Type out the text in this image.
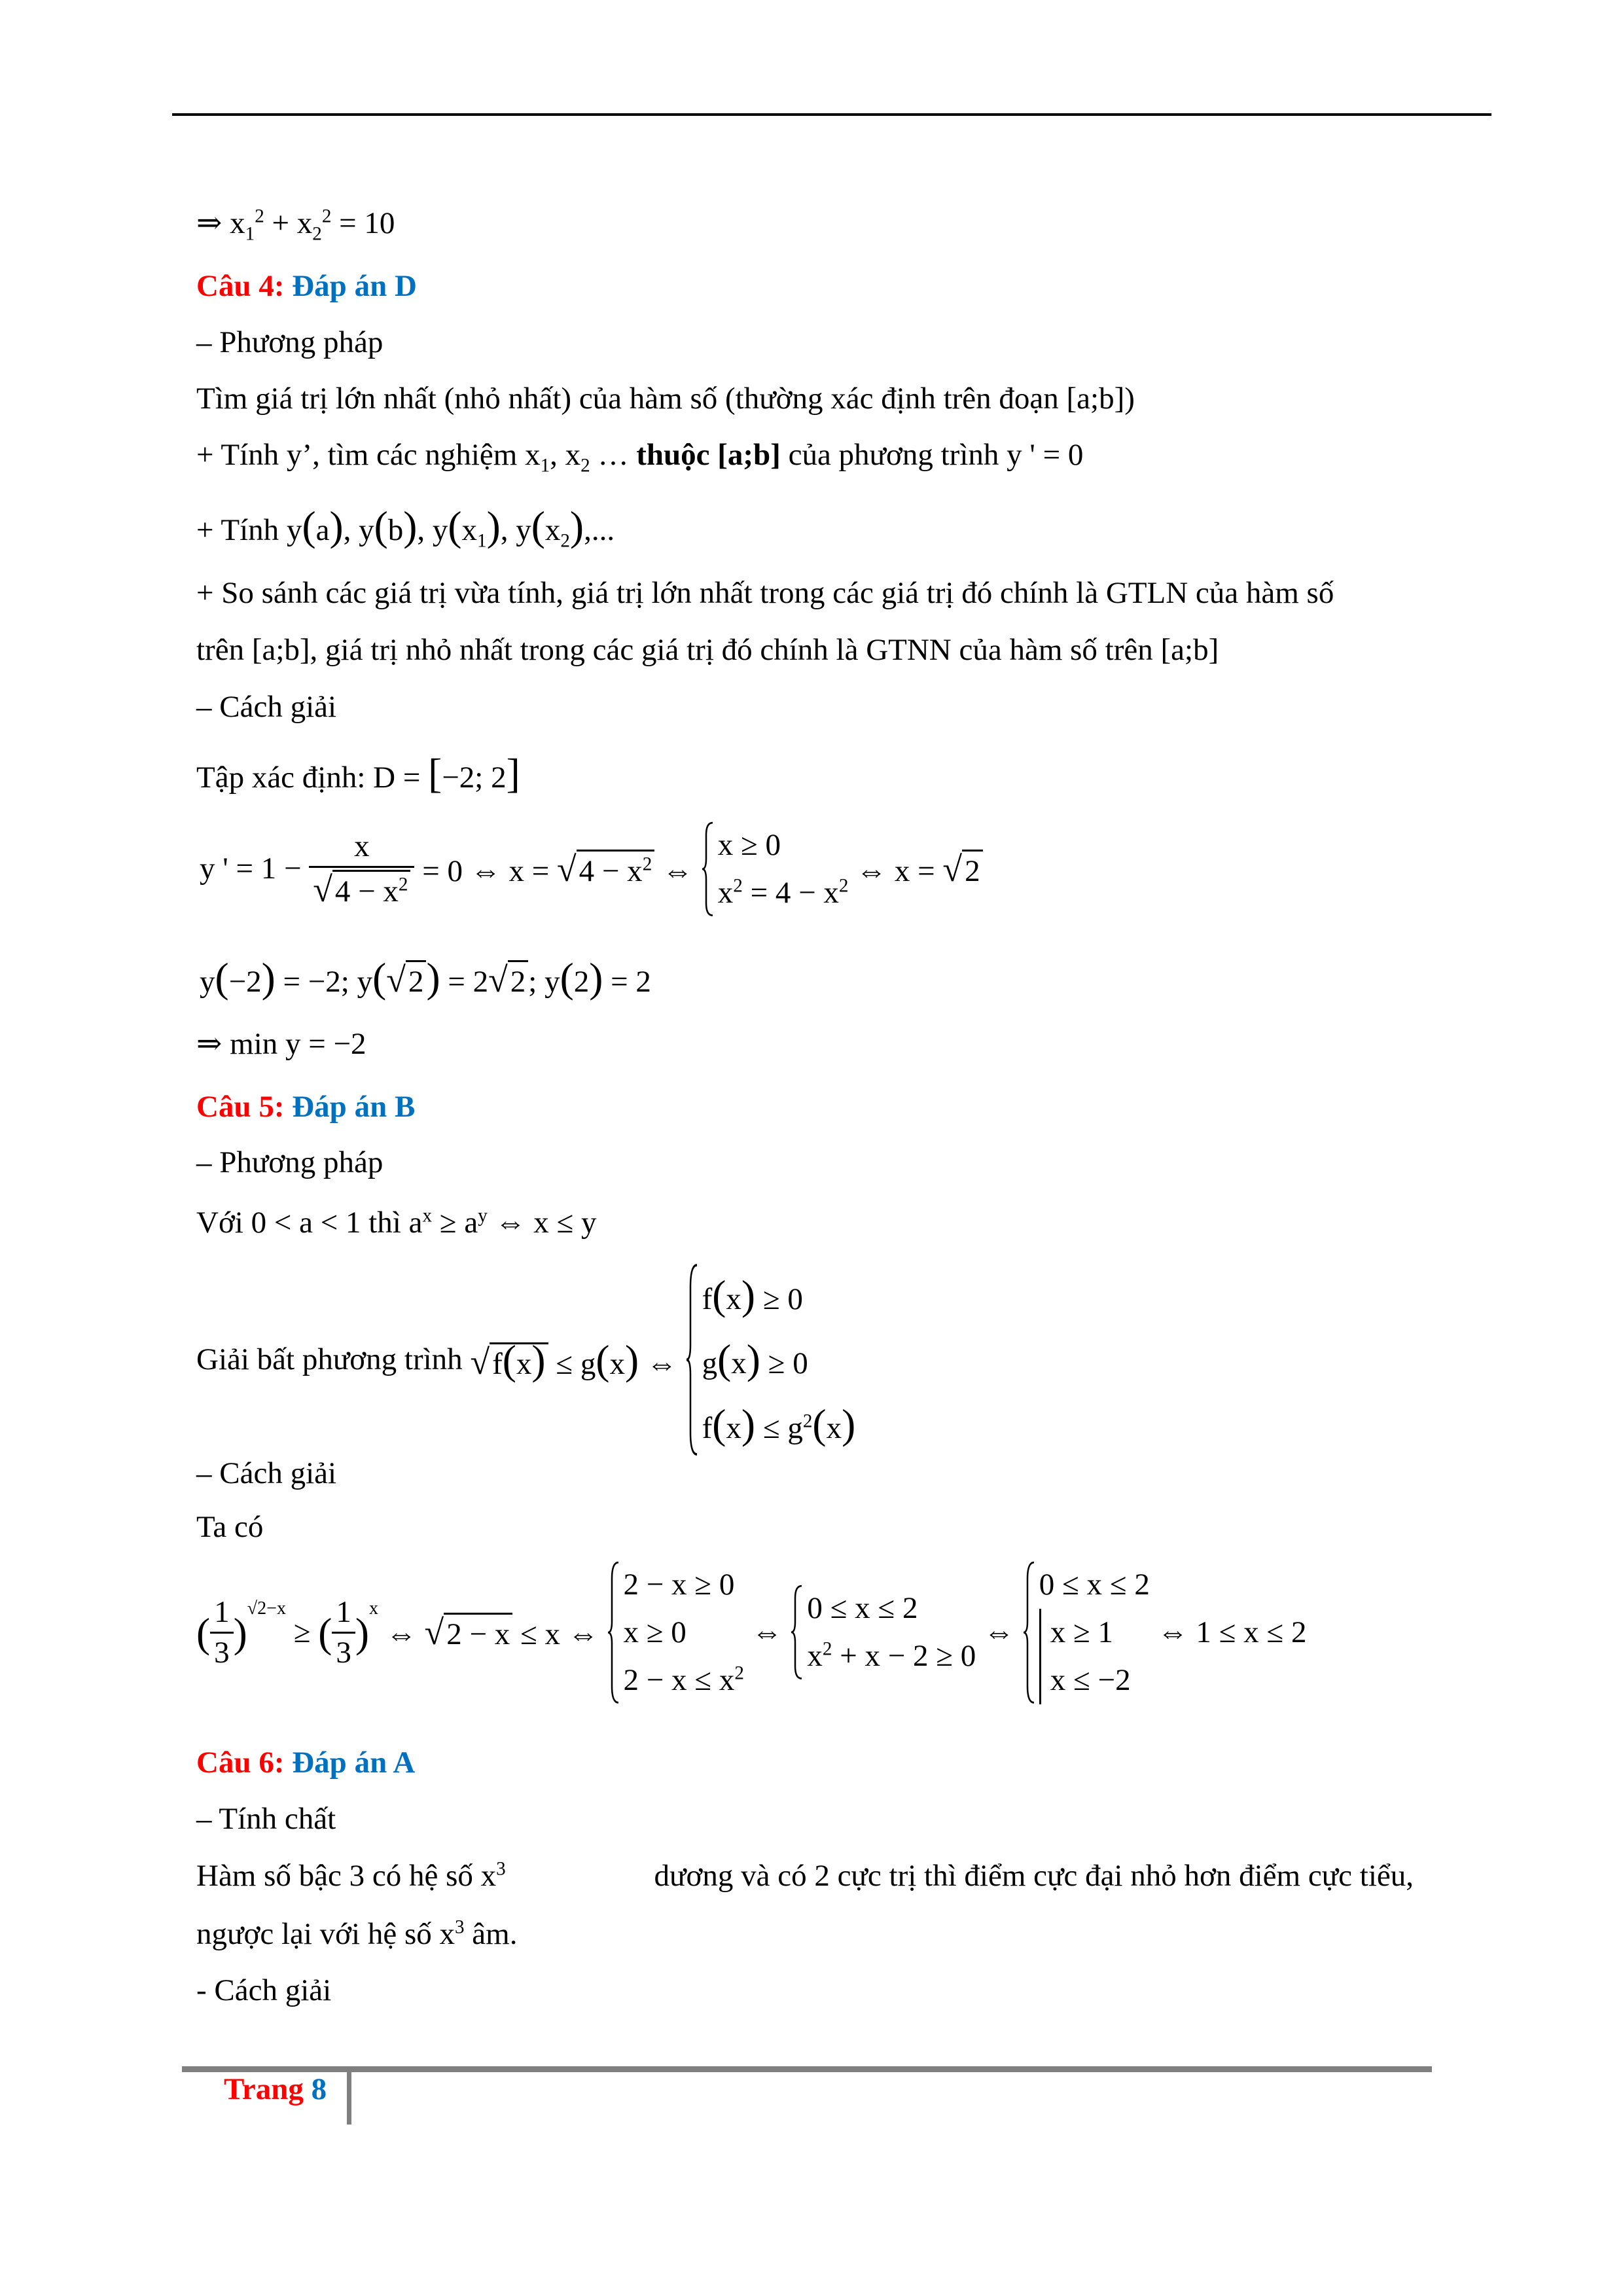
⇒ $x_1^2 + x_2^2 = 10$
Câu 4: Đáp án D
– Phương pháp
Tìm giá trị lớn nhất (nhỏ nhất) của hàm số (thường xác định trên đoạn [a;b])
+ Tính y’, tìm các nghiệm $x_1$, $x_2$ … thuộc [a;b] của phương trình y ' = 0
+ Tính y(a), y(b), $y(x_1)$, $y(x_2)$,...
+ So sánh các giá trị vừa tính, giá trị lớn nhất trong các giá trị đó chính là GTLN của hàm số
trên [a;b], giá trị nhỏ nhất trong các giá trị đó chính là GTNN của hàm số trên [a;b]
– Cách giải
Tập xác định: D = [−2; 2]
y ' = $1 - \frac{x}{√4 - x^2} = 0$ ⇔ $x = √4 - x^2$ ⇔
x ≥ 0
$x^2 = 4 - x^2$ ⇔ x = √2
y(−2) = −2; y(√2) = 2√2; y(2) = 2
⇒ min y = −2
Câu 5: Đáp án B
– Phương pháp
Với 0 < a < 1 thì $a^x \ge a^y$ ⇔ x ≤ y
Giải bất phương trình √f(x) ≤ g(x) ⇔
f(x) ≥ 0
g(x) ≥ 0
$f(x) \le g^2(x)$
– Cách giải
Ta có
( $\frac{1}{3}$ )
$^{√2-x}$
≥ ( $\frac{1}{3}$ )
$^x$
⇔ √2 − x ≤ x ⇔
2 − x ≥ 0
x ≥ 0
$2 - x \le x^2$
⇔
0 ≤ x ≤ 2
$x^2 + x - 2 \ge 0$
⇔
0 ≤ x ≤ 2
x ≥ 1
x ≤ −2
⇔ 1 ≤ x ≤ 2
Câu 6: Đáp án A
– Tính chất
Hàm số bậc 3 có hệ số $x^3$	dương và có 2 cực trị thì điểm cực đại nhỏ hơn điểm cực tiểu,
ngược lại với hệ số $x^3$ âm.
- Cách giải
Trang 8
